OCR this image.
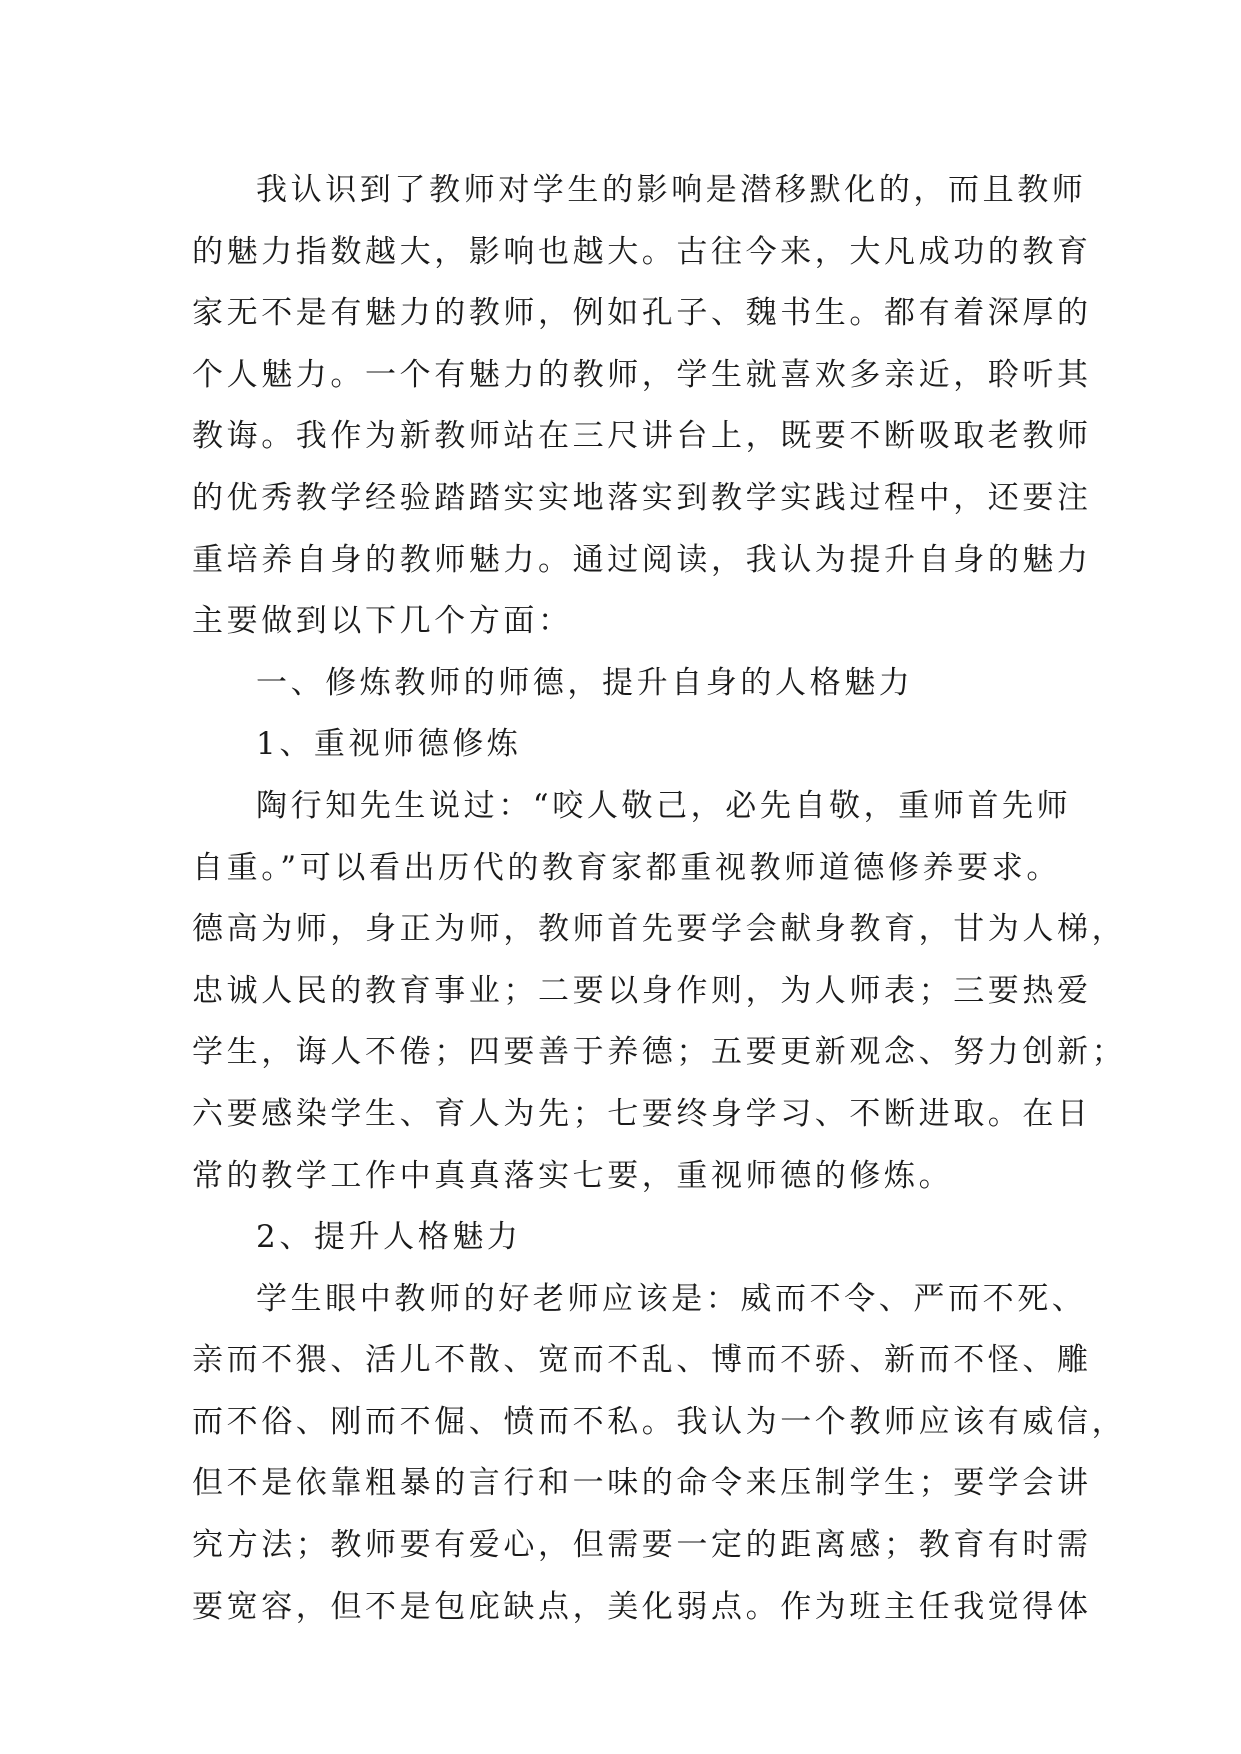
我认识到了教师对学生的影响是潜移默化的，而且教师
的魅力指数越大，影响也越大。古往今来，大凡成功的教育
家无不是有魅力的教师，例如孔子、魏书生。都有着深厚的
个人魅力。一个有魅力的教师，学生就喜欢多亲近，聆听其
教诲。我作为新教师站在三尺讲台上，既要不断吸取老教师
的优秀教学经验踏踏实实地落实到教学实践过程中，还要注
重培养自身的教师魅力。通过阅读，我认为提升自身的魅力
主要做到以下几个方面：
一、修炼教师的师德，提升自身的人格魅力
1、重视师德修炼
陶行知先生说过：“咬人敬己，必先自敬，重师首先师
自重。”可以看出历代的教育家都重视教师道德修养要求。
德高为师，身正为师，教师首先要学会献身教育，甘为人梯，
忠诚人民的教育事业；二要以身作则，为人师表；三要热爱
学生，诲人不倦；四要善于养德；五要更新观念、努力创新；
六要感染学生、育人为先；七要终身学习、不断进取。在日
常的教学工作中真真落实七要，重视师德的修炼。
2、提升人格魅力
学生眼中教师的好老师应该是：威而不令、严而不死、
亲而不猥、活儿不散、宽而不乱、博而不骄、新而不怪、雕
而不俗、刚而不倔、愤而不私。我认为一个教师应该有威信，
但不是依靠粗暴的言行和一味的命令来压制学生；要学会讲
究方法；教师要有爱心，但需要一定的距离感；教育有时需
要宽容，但不是包庇缺点，美化弱点。作为班主任我觉得体
